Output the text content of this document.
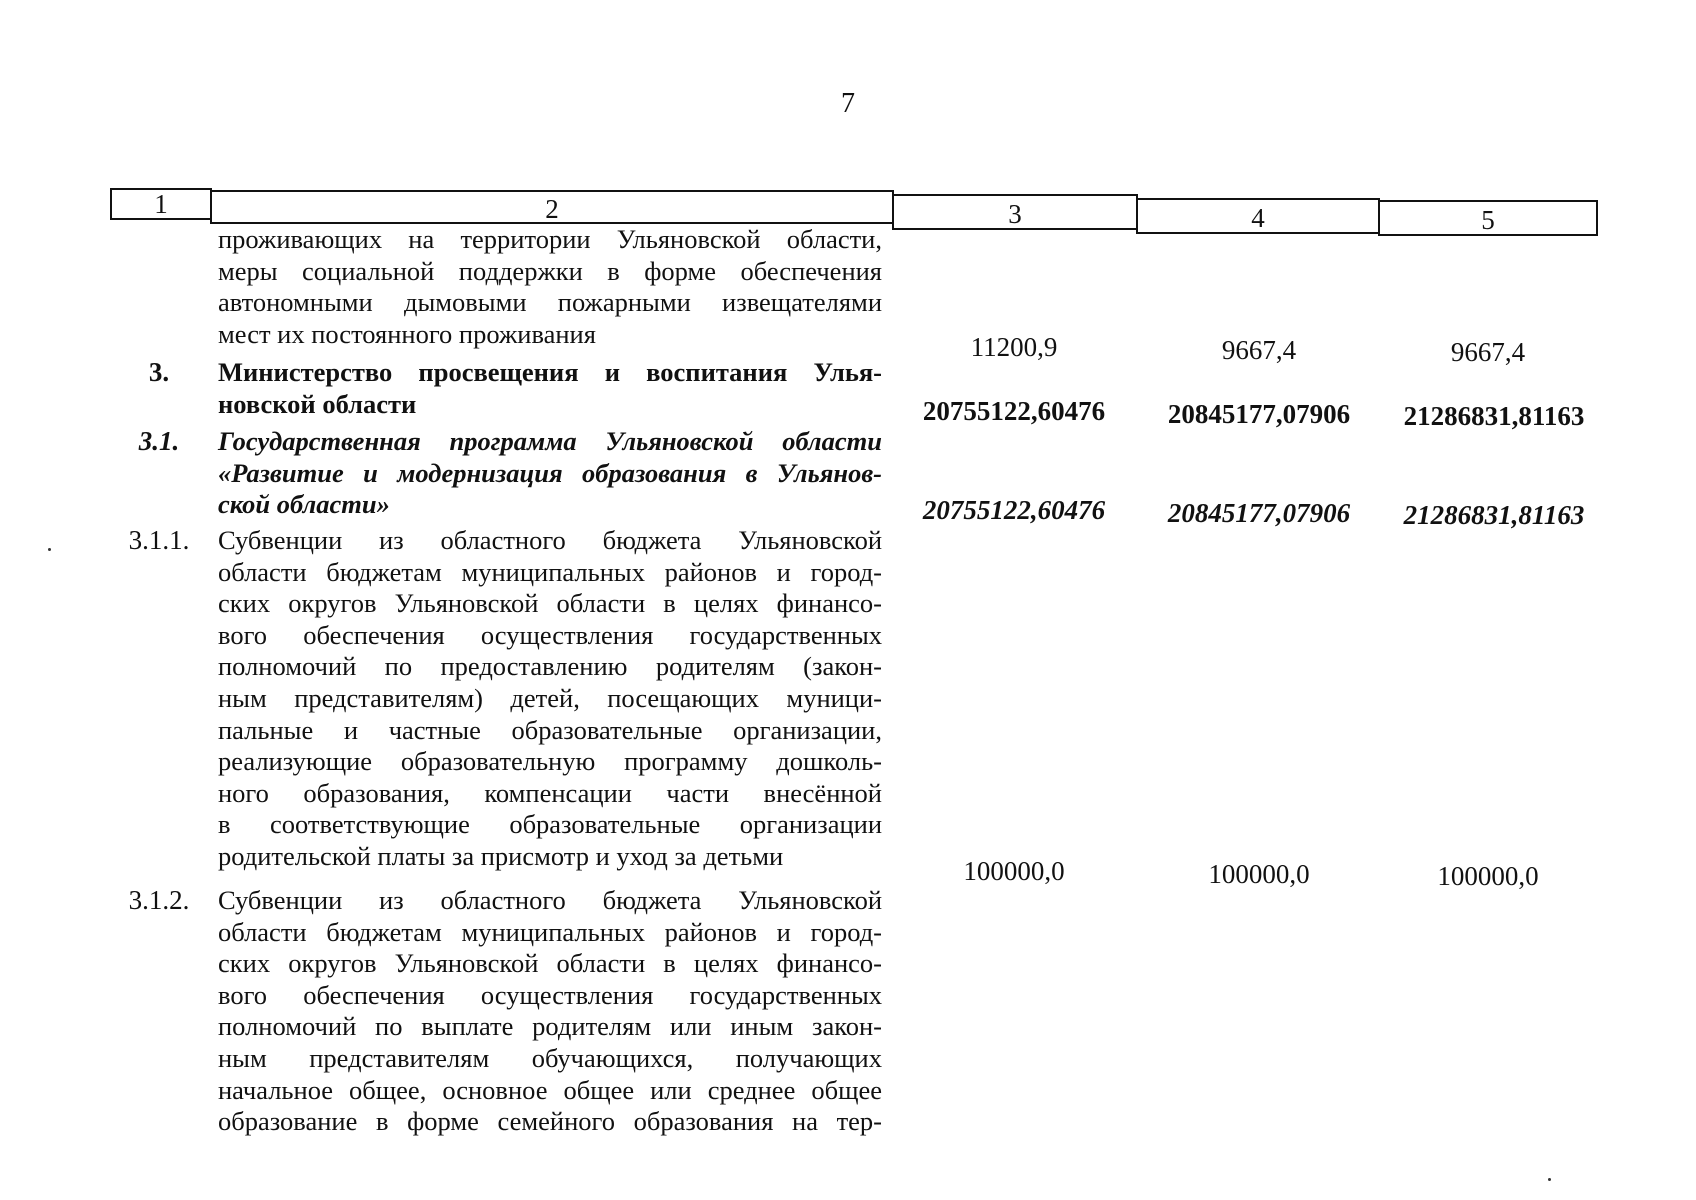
7
1	2	3	4	5
проживающих на территории Ульяновской области,
меры социальной поддержки в форме обеспечения
автономными дымовыми пожарными извещателями
мест их постоянного проживания	11200,9	9667,4	9667,4
3.	Министерство просвещения и воспитания Улья-
новской области	20755122,60476	20845177,07906	21286831,81163
3.1.	Государственная программа Ульяновской области
«Развитие и модернизация образования в Ульянов-
ской области»	20755122,60476	20845177,07906	21286831,81163
3.1.1.	Субвенции из областного бюджета Ульяновской
области бюджетам муниципальных районов и город-
ских округов Ульяновской области в целях финансо-
вого обеспечения осуществления государственных
полномочий по предоставлению родителям (закон-
ным представителям) детей, посещающих муници-
пальные и частные образовательные организации,
реализующие образовательную программу дошколь-
ного образования, компенсации части внесённой
в соответствующие образовательные организации
родительской платы за присмотр и уход за детьми
100000,0	100000,0	100000,0
3.1.2.	Субвенции из областного бюджета Ульяновской
области бюджетам муниципальных районов и город-
ских округов Ульяновской области в целях финансо-
вого обеспечения осуществления государственных
полномочий по выплате родителям или иным закон-
ным представителям обучающихся, получающих
начальное общее, основное общее или среднее общее
образование в форме семейного образования на тер-
